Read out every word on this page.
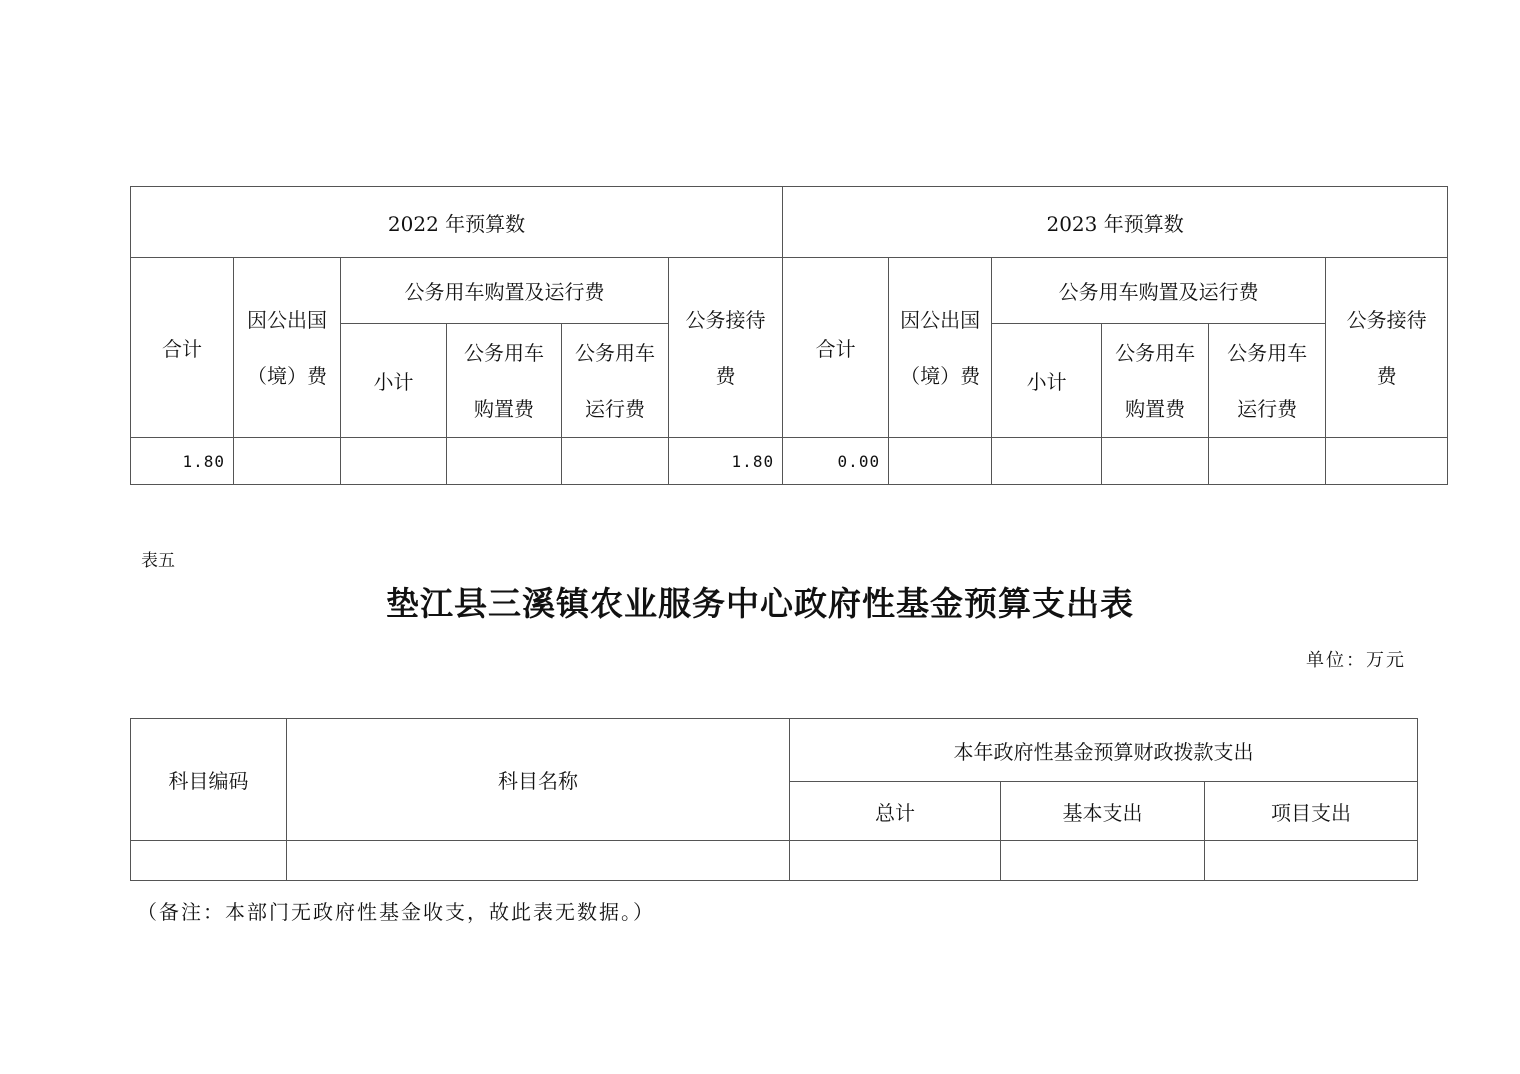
2022 年预算数						2023 年预算数					
合计	因公出国（境）费	公务用车购置及运行费			公务接待费	合计	因公出国（境）费	公务用车购置及运行费			公务接待费
		小计	公务用车购置费	公务用车运行费				小计	公务用车购置费	公务用车运行费	
1.80					1.80	0.00					
表五
垫江县三溪镇农业服务中心政府性基金预算支出表
单位：万元
科目编码	科目名称	本年政府性基金预算财政拨款支出		
		总计	基本支出	项目支出

（备注：本部门无政府性基金收支，故此表无数据。）
